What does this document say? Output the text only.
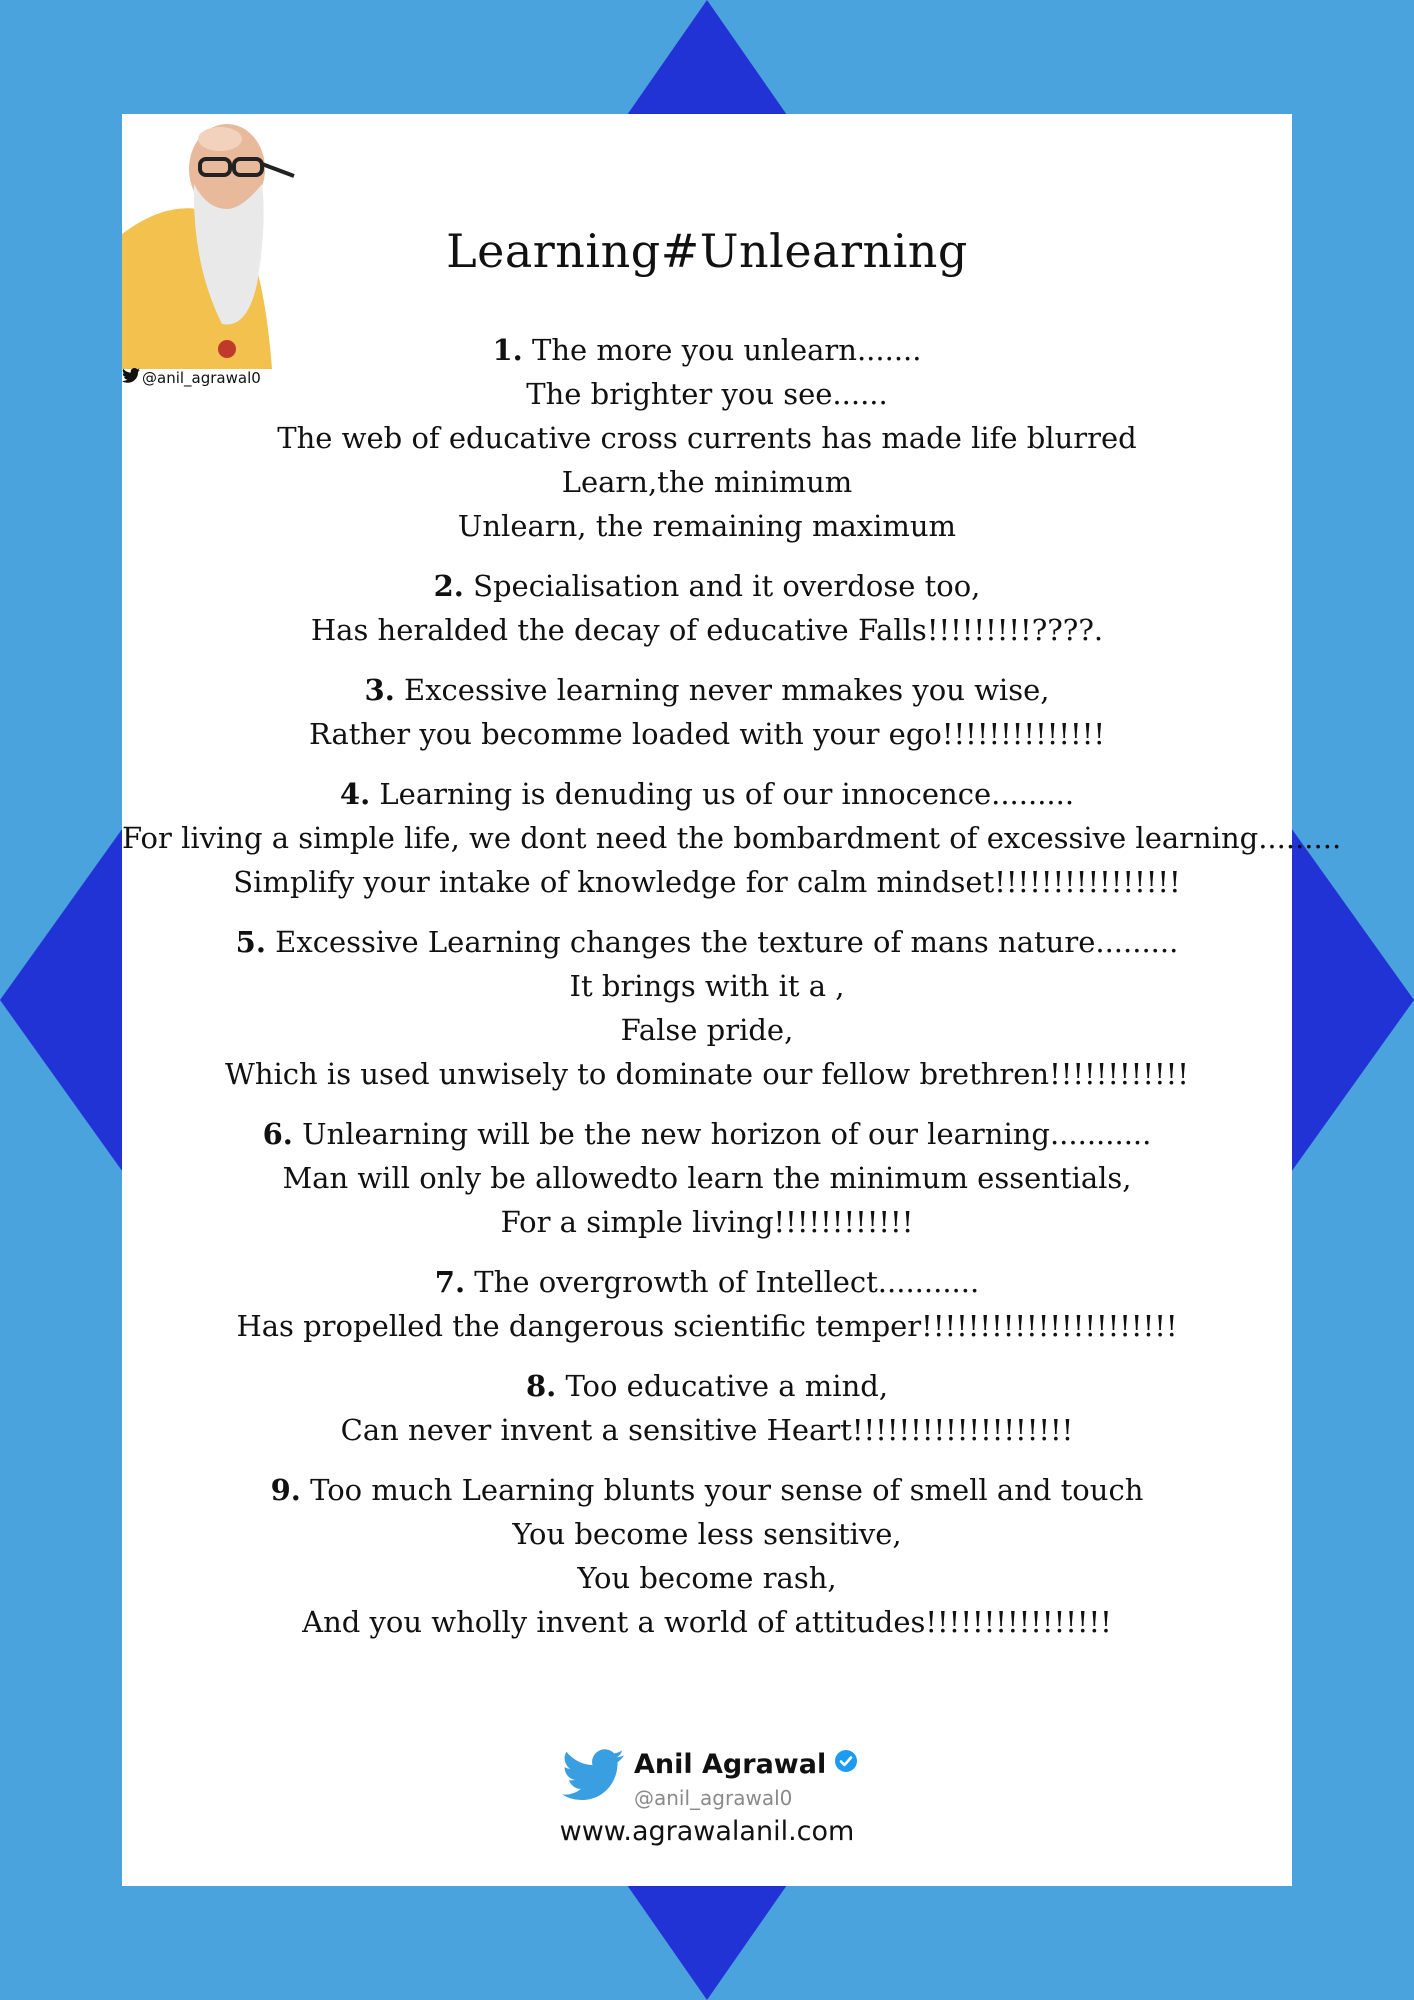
@anil_agrawal0
Learning#Unlearning
1. The more you unlearn.......
The brighter you see......
The web of educative cross currents has made life blurred
Learn,the minimum
Unlearn, the remaining maximum
2. Specialisation and it overdose too,
Has heralded the decay of educative Falls!!!!!!!!!????.
3. Excessive learning never mmakes you wise,
Rather you becomme loaded with your ego!!!!!!!!!!!!!!
4. Learning is denuding us of our innocence.........
For living a simple life, we dont need the bombardment of excessive learning.........
Simplify your intake of knowledge for calm mindset!!!!!!!!!!!!!!!!
5. Excessive Learning changes the texture of mans nature.........
It brings with it a ,
False pride,
Which is used unwisely to dominate our fellow brethren!!!!!!!!!!!!
6. Unlearning will be the new horizon of our learning...........
Man will only be allowedto learn the minimum essentials,
For a simple living!!!!!!!!!!!!
7. The overgrowth of Intellect...........
Has propelled the dangerous scientific temper!!!!!!!!!!!!!!!!!!!!!!
8. Too educative a mind,
Can never invent a sensitive Heart!!!!!!!!!!!!!!!!!!!
9. Too much Learning blunts your sense of smell and touch
You become less sensitive,
You become rash,
And you wholly invent a world of attitudes!!!!!!!!!!!!!!!!
Anil Agrawal
@anil_agrawal0
www.agrawalanil.com
